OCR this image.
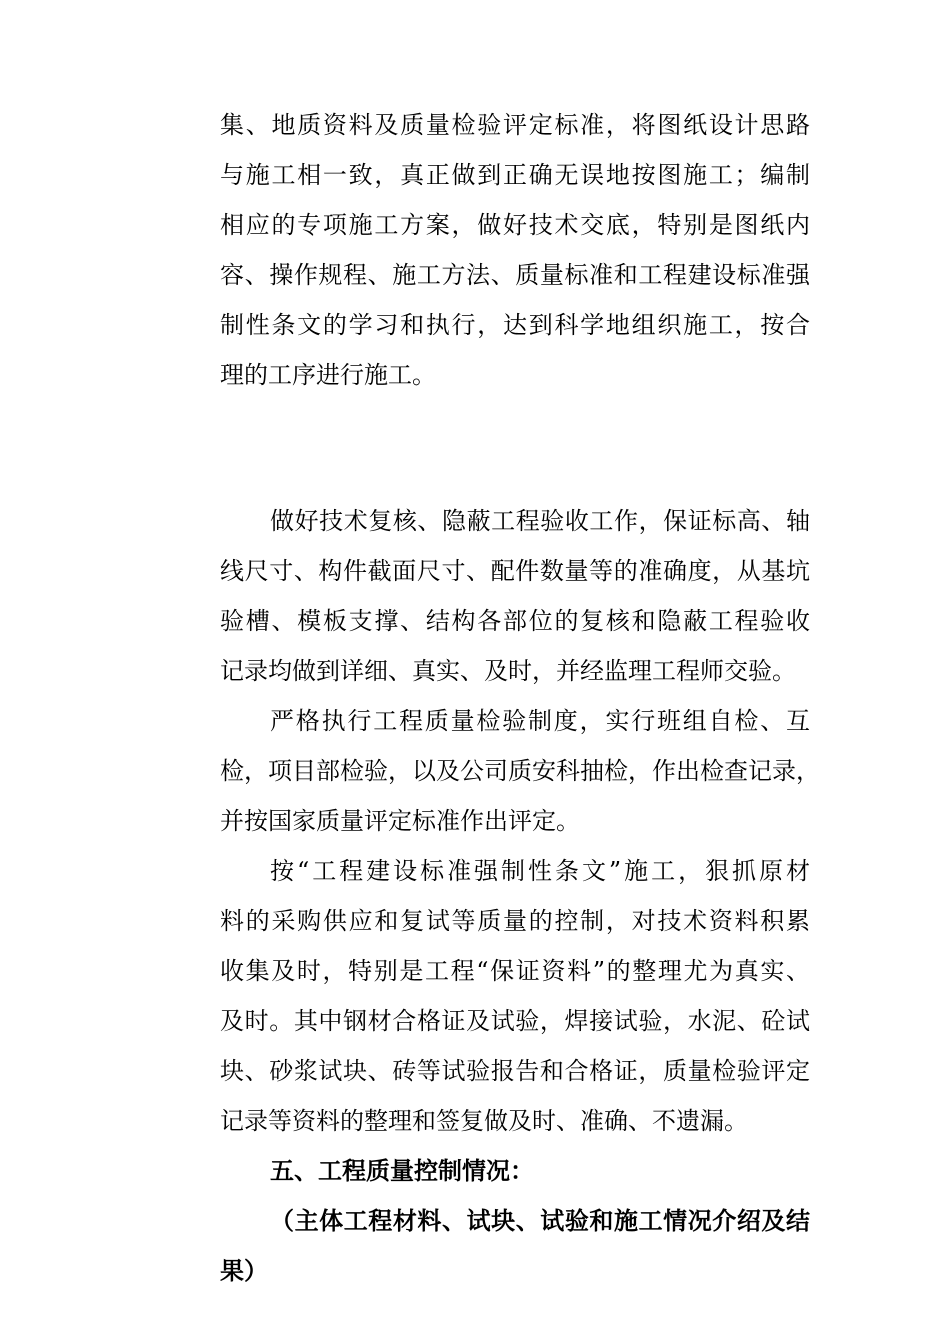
集、地质资料及质量检验评定标准，将图纸设计思路
与施工相一致，真正做到正确无误地按图施工；编制
相应的专项施工方案，做好技术交底，特别是图纸内
容、操作规程、施工方法、质量标准和工程建设标准强
制性条文的学习和执行，达到科学地组织施工，按合
理的工序进行施工。
做好技术复核、隐蔽工程验收工作，保证标高、轴
线尺寸、构件截面尺寸、配件数量等的准确度，从基坑
验槽、模板支撑、结构各部位的复核和隐蔽工程验收
记录均做到详细、真实、及时，并经监理工程师交验。
严格执行工程质量检验制度，实行班组自检、互
检，项目部检验，以及公司质安科抽检，作出检查记录，
并按国家质量评定标准作出评定。
按“工程建设标准强制性条文”施工，狠抓原材
料的采购供应和复试等质量的控制，对技术资料积累
收集及时，特别是工程“保证资料”的整理尤为真实、
及时。其中钢材合格证及试验，焊接试验，水泥、砼试
块、砂浆试块、砖等试验报告和合格证，质量检验评定
记录等资料的整理和签复做及时、准确、不遗漏。
五、工程质量控制情况：
（主体工程材料、试块、试验和施工情况介绍及结
果）
